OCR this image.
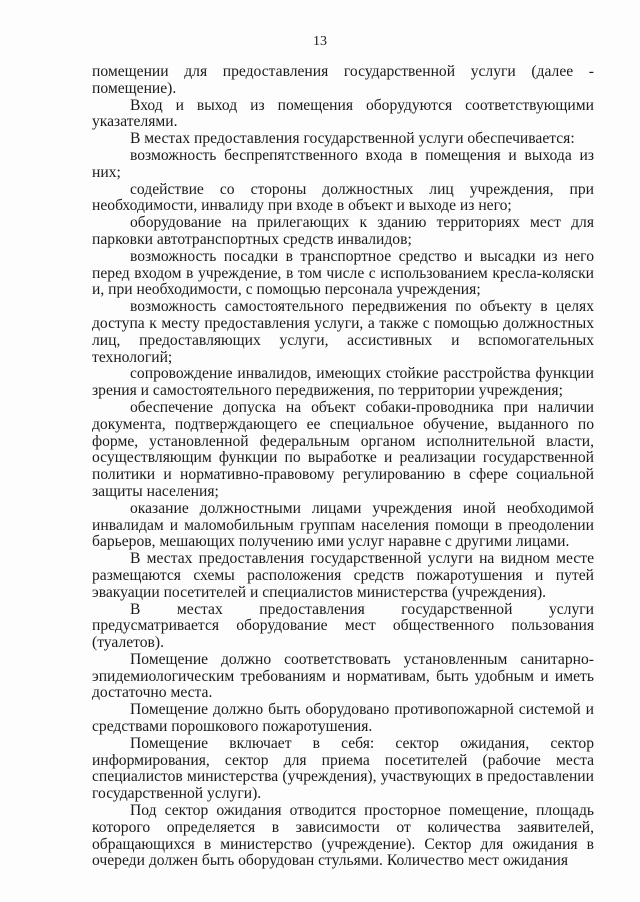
13

помещении для предоставления государственной услуги (далее - помещение).

Вход и выход из помещения оборудуются соответствующими указателями.

В местах предоставления государственной услуги обеспечивается:

возможность беспрепятственного входа в помещения и выхода из них;

содействие со стороны должностных лиц учреждения, при необходимости, инвалиду при входе в объект и выходе из него;

оборудование на прилегающих к зданию территориях мест для парковки автотранспортных средств инвалидов;

возможность посадки в транспортное средство и высадки из него перед входом в учреждение, в том числе с использованием кресла-коляски и, при необходимости, с помощью персонала учреждения;

возможность самостоятельного передвижения по объекту в целях доступа к месту предоставления услуги, а также с помощью должностных лиц, предоставляющих услуги, ассистивных и вспомогательных технологий;

сопровождение инвалидов, имеющих стойкие расстройства функции зрения и самостоятельного передвижения, по территории учреждения;

обеспечение допуска на объект собаки-проводника при наличии документа, подтверждающего ее специальное обучение, выданного по форме, установленной федеральным органом исполнительной власти, осуществляющим функции по выработке и реализации государственной политики и нормативно-правовому регулированию в сфере социальной защиты населения;

оказание должностными лицами учреждения иной необходимой инвалидам и маломобильным группам населения помощи в преодолении барьеров, мешающих получению ими услуг наравне с другими лицами.

В местах предоставления государственной услуги на видном месте размещаются схемы расположения средств пожаротушения и путей эвакуации посетителей и специалистов министерства (учреждения).

В местах предоставления государственной услуги предусматривается оборудование мест общественного пользования (туалетов).

Помещение должно соответствовать установленным санитарно-эпидемиологическим требованиям и нормативам, быть удобным и иметь достаточно места.

Помещение должно быть оборудовано противопожарной системой и средствами порошкового пожаротушения.

Помещение включает в себя: сектор ожидания, сектор информирования, сектор для приема посетителей (рабочие места специалистов министерства (учреждения), участвующих в предоставлении государственной услуги).

Под сектор ожидания отводится просторное помещение, площадь которого определяется в зависимости от количества заявителей, обращающихся в министерство (учреждение). Сектор для ожидания в очереди должен быть оборудован стульями. Количество мест ожидания
